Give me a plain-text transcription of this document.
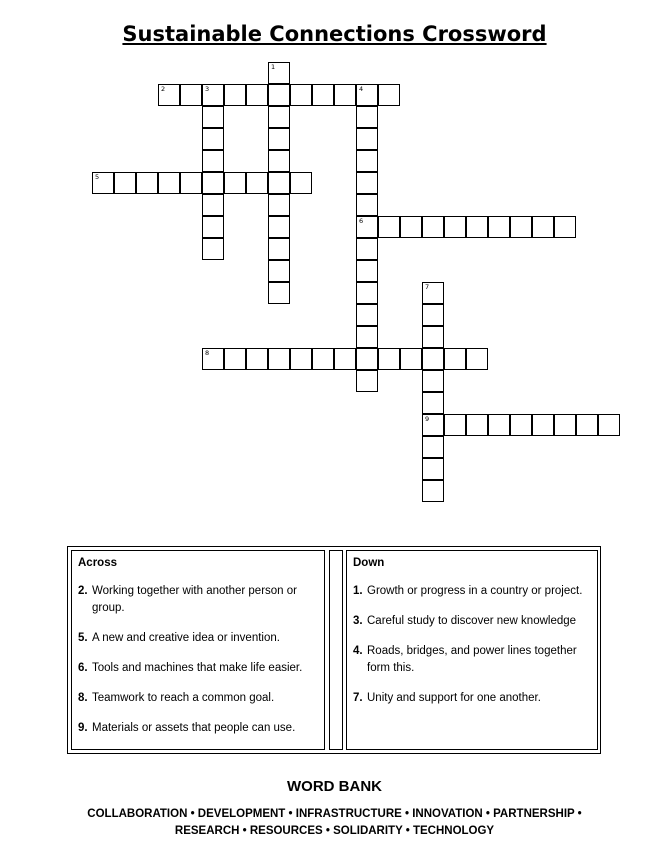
Sustainable Connections Crossword
1
2	3	4
6
5
7
9
8
Across
2. Working together with another person or group.
5. A new and creative idea or invention.
6. Tools and machines that make life easier.
8. Teamwork to reach a common goal.
9. Materials or assets that people can use.
Down
1. Growth or progress in a country or project.
3. Careful study to discover new knowledge
4. Roads, bridges, and power lines together form this.
7. Unity and support for one another.
WORD BANK
COLLABORATION • DEVELOPMENT • INFRASTRUCTURE • INNOVATION • PARTNERSHIP •
RESEARCH • RESOURCES • SOLIDARITY • TECHNOLOGY
